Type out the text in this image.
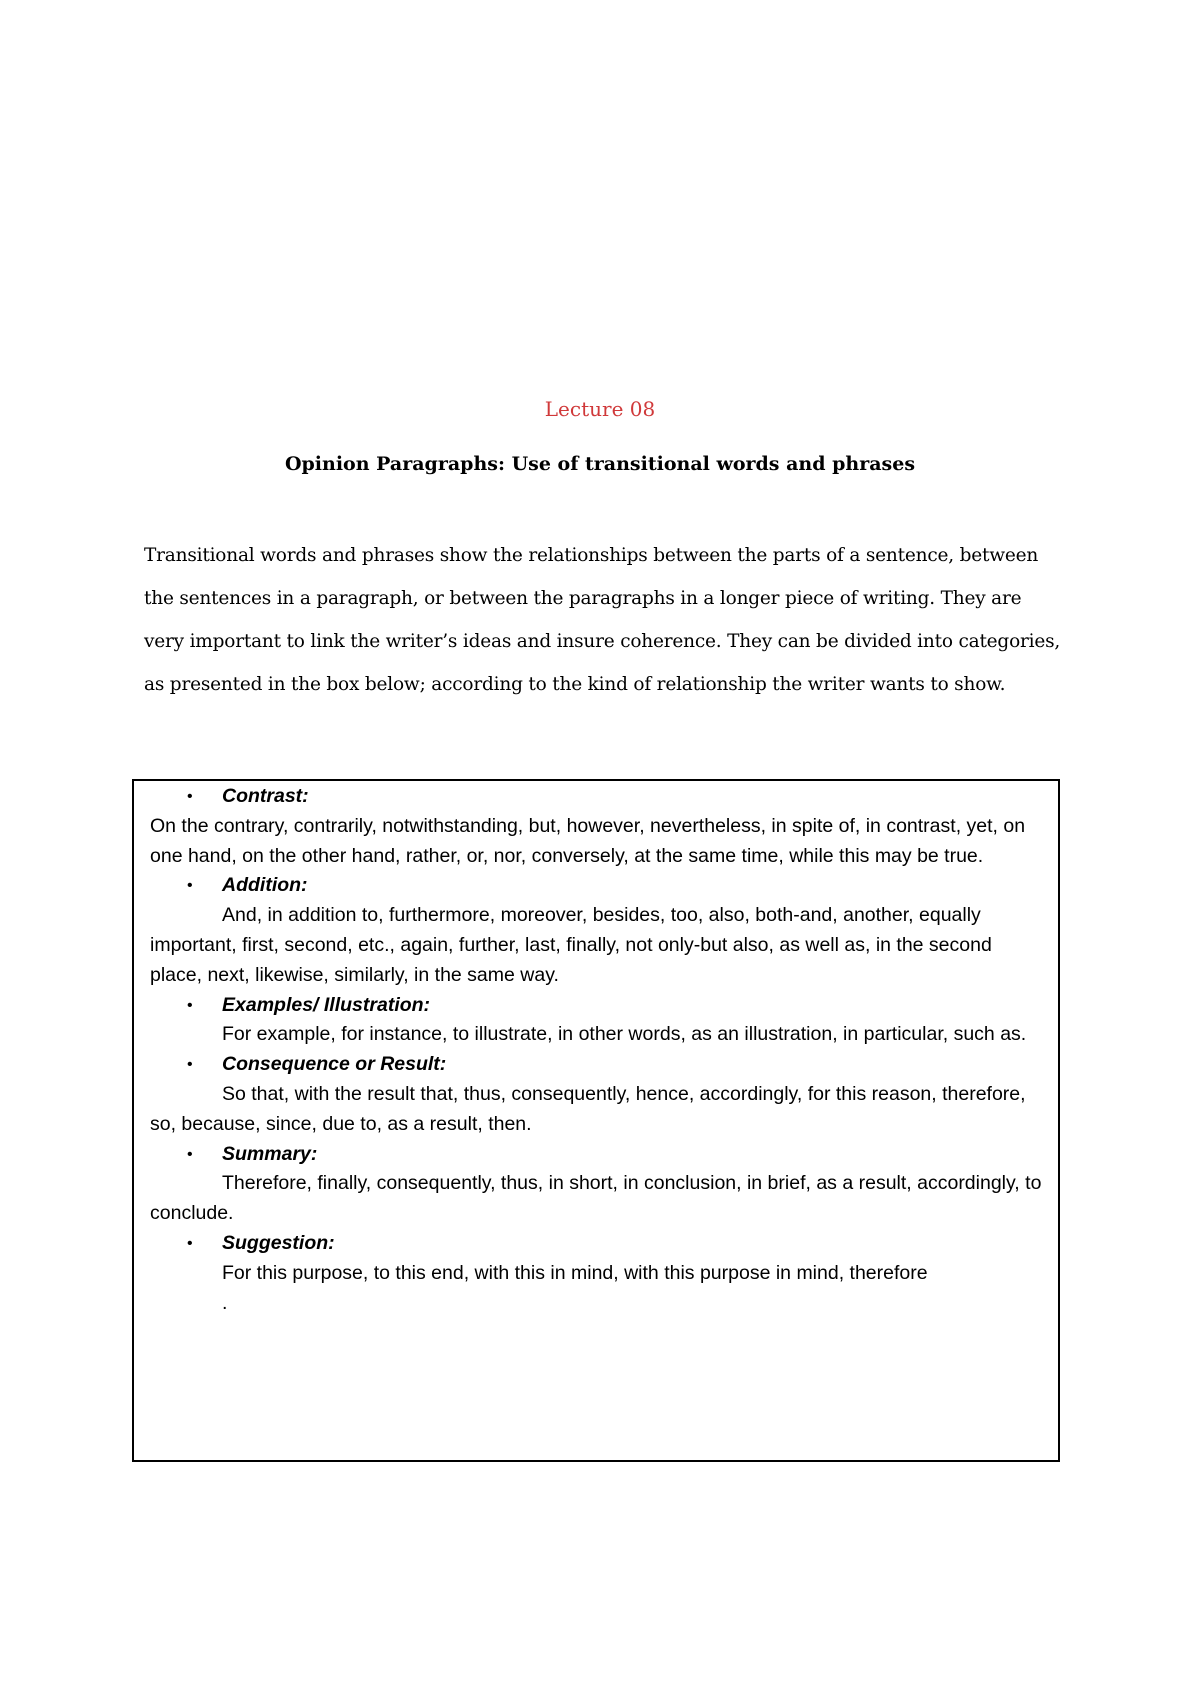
Lecture 08
Opinion Paragraphs: Use of transitional words and phrases

Transitional words and phrases show the relationships between the parts of a sentence, between the sentences in a paragraph, or between the paragraphs in a longer piece of writing. They are very important to link the writer’s ideas and insure coherence. They can be divided into categories, as presented in the box below; according to the kind of relationship the writer wants to show.

• Contrast:
On the contrary, contrarily, notwithstanding, but, however, nevertheless, in spite of, in contrast, yet, on one hand, on the other hand, rather, or, nor, conversely, at the same time, while this may be true.
• Addition:
And, in addition to, furthermore, moreover, besides, too, also, both-and, another, equally important, first, second, etc., again, further, last, finally, not only-but also, as well as, in the second place, next, likewise, similarly, in the same way.
• Examples/ Illustration:
For example, for instance, to illustrate, in other words, as an illustration, in particular, such as.
• Consequence or Result:
So that, with the result that, thus, consequently, hence, accordingly, for this reason, therefore, so, because, since, due to, as a result, then.
• Summary:
Therefore, finally, consequently, thus, in short, in conclusion, in brief, as a result, accordingly, to conclude.
• Suggestion:
For this purpose, to this end, with this in mind, with this purpose in mind, therefore
.
